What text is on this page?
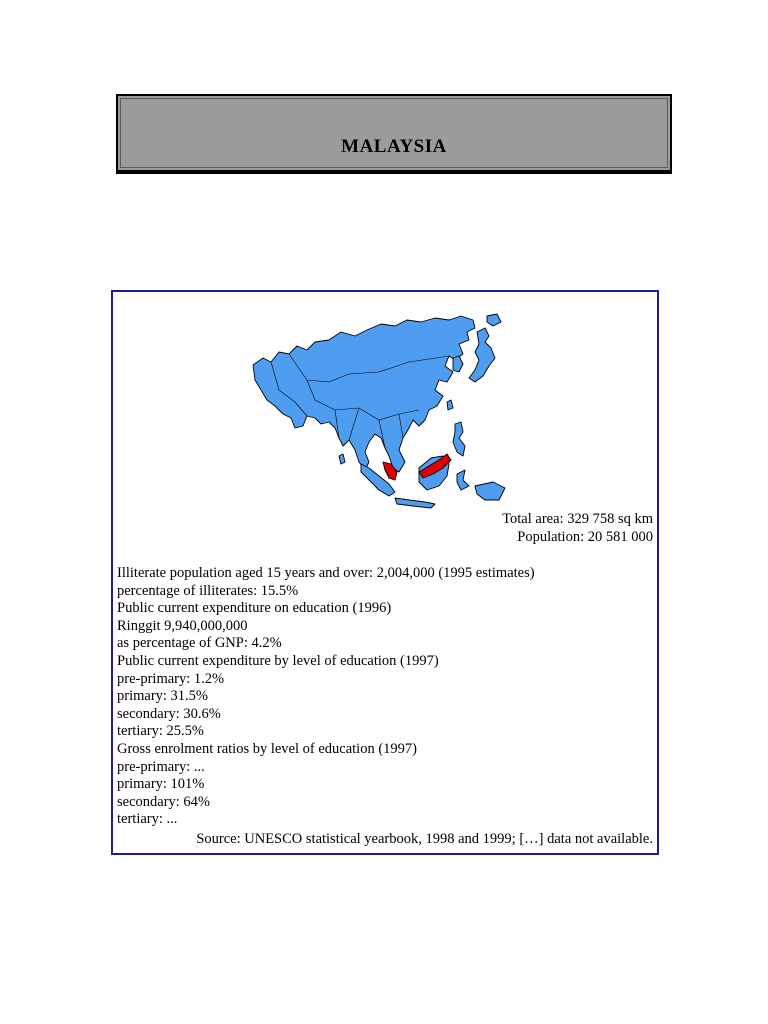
MALAYSIA
Total area: 329 758 sq km
Population: 20 581 000
Illiterate population aged 15 years and over: 2,004,000 (1995 estimates)
percentage of illiterates: 15.5%
Public current expenditure on education (1996)
Ringgit 9,940,000,000
as percentage of GNP: 4.2%
Public current expenditure by level of education (1997)
pre-primary: 1.2%
primary: 31.5%
secondary: 30.6%
tertiary: 25.5%
Gross enrolment ratios by level of education (1997)
pre-primary: ...
primary: 101%
secondary: 64%
tertiary: ...
Source: UNESCO statistical yearbook, 1998 and 1999; […] data not available.
